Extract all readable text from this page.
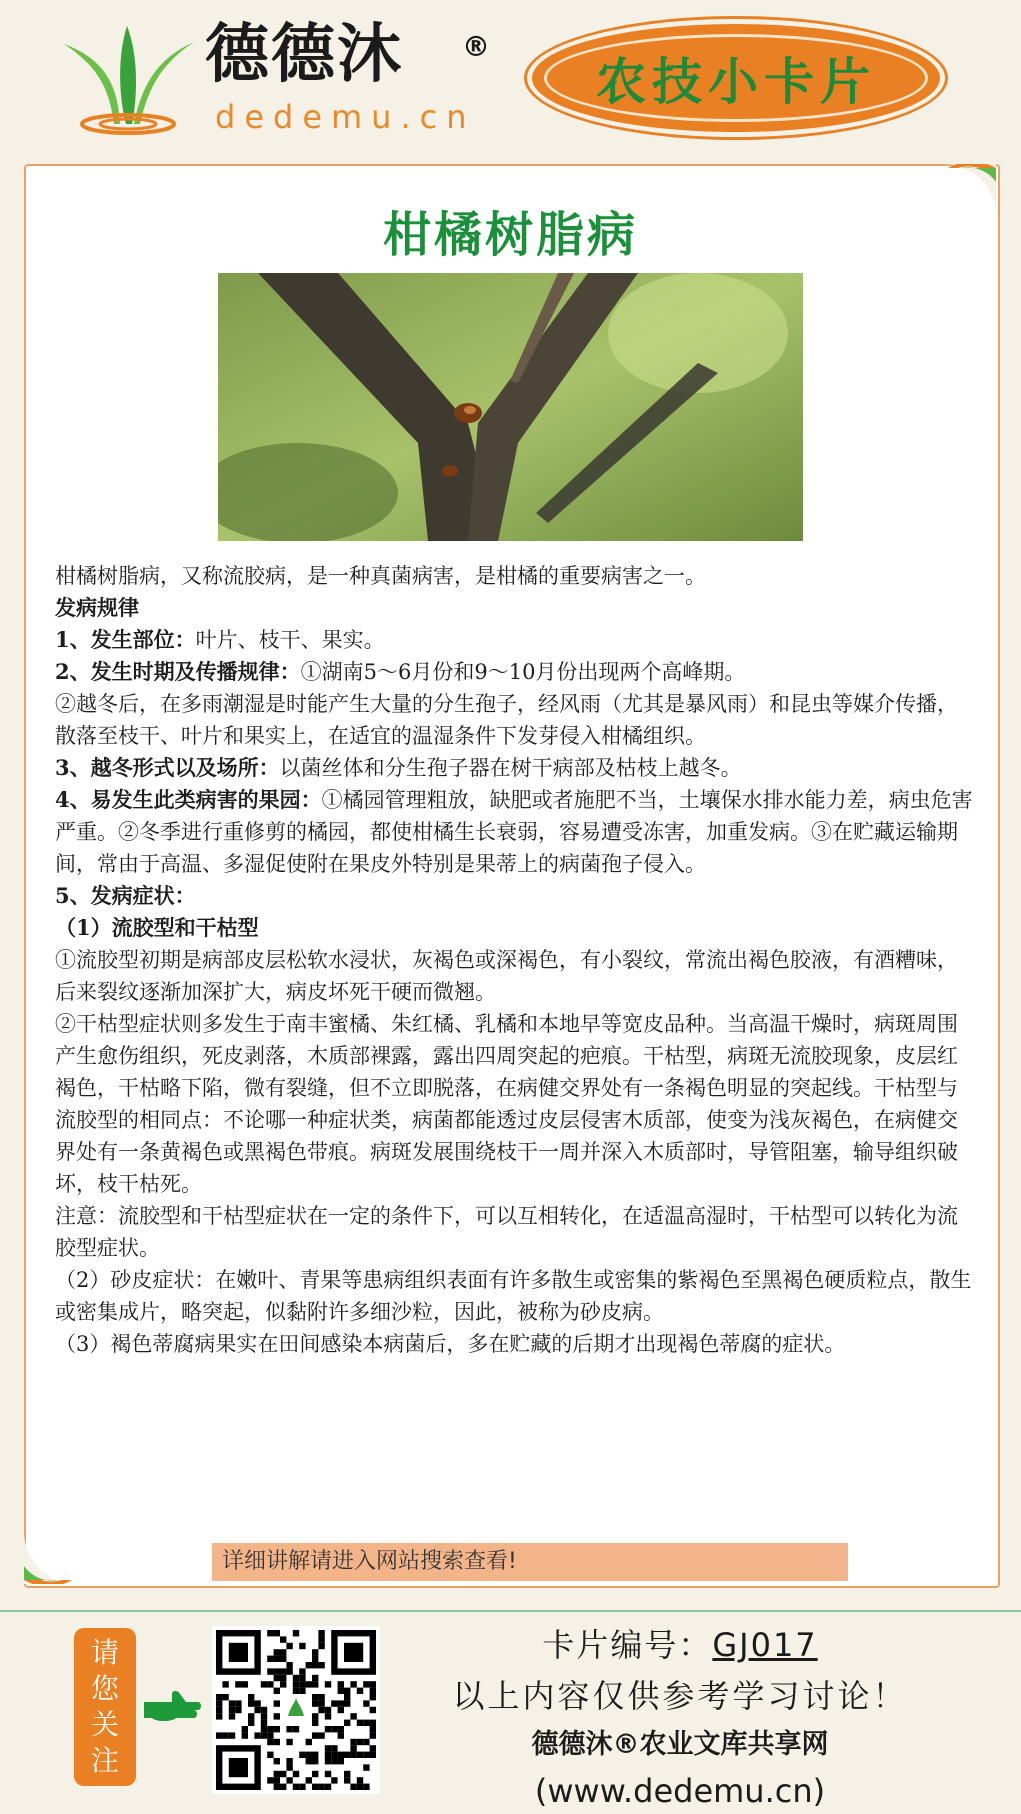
德德沐 ®
dedemu.cn
农技小卡片
柑橘树脂病

柑橘树脂病，又称流胶病，是一种真菌病害，是柑橘的重要病害之一。

发病规律

1、发生部位：叶片、枝干、果实。

2、发生时期及传播规律：①湖南5～6月份和9～10月份出现两个高峰期。

②越冬后，在多雨潮湿是时能产生大量的分生孢子，经风雨（尤其是暴风雨）和昆虫等媒介传播，散落至枝干、叶片和果实上，在适宜的温湿条件下发芽侵入柑橘组织。

3、越冬形式以及场所：以菌丝体和分生孢子器在树干病部及枯枝上越冬。

4、易发生此类病害的果园：①橘园管理粗放，缺肥或者施肥不当，土壤保水排水能力差，病虫危害严重。②冬季进行重修剪的橘园，都使柑橘生长衰弱，容易遭受冻害，加重发病。③在贮藏运输期间，常由于高温、多湿促使附在果皮外特别是果蒂上的病菌孢子侵入。

5、发病症状：

（1）流胶型和干枯型

①流胶型初期是病部皮层松软水浸状，灰褐色或深褐色，有小裂纹，常流出褐色胶液，有酒糟味，后来裂纹逐渐加深扩大，病皮坏死干硬而微翘。

②干枯型症状则多发生于南丰蜜橘、朱红橘、乳橘和本地早等宽皮品种。当高温干燥时，病斑周围产生愈伤组织，死皮剥落，木质部裸露，露出四周突起的疤痕。干枯型，病斑无流胶现象，皮层红褐色，干枯略下陷，微有裂缝，但不立即脱落，在病健交界处有一条褐色明显的突起线。干枯型与流胶型的相同点：不论哪一种症状类，病菌都能透过皮层侵害木质部，使变为浅灰褐色，在病健交界处有一条黄褐色或黑褐色带痕。病斑发展围绕枝干一周并深入木质部时，导管阻塞，输导组织破坏，枝干枯死。

注意：流胶型和干枯型症状在一定的条件下，可以互相转化，在适温高湿时，干枯型可以转化为流胶型症状。

（2）砂皮症状：在嫩叶、青果等患病组织表面有许多散生或密集的紫褐色至黑褐色硬质粒点，散生或密集成片，略突起，似黏附许多细沙粒，因此，被称为砂皮病。

（3）褐色蒂腐病果实在田间感染本病菌后，多在贮藏的后期才出现褐色蒂腐的症状。

详细讲解请进入网站搜索查看!
请
您
关
注
卡片编号：GJ017
以上内容仅供参考学习讨论！
德德沐®农业文库共享网
(www.dedemu.cn)
